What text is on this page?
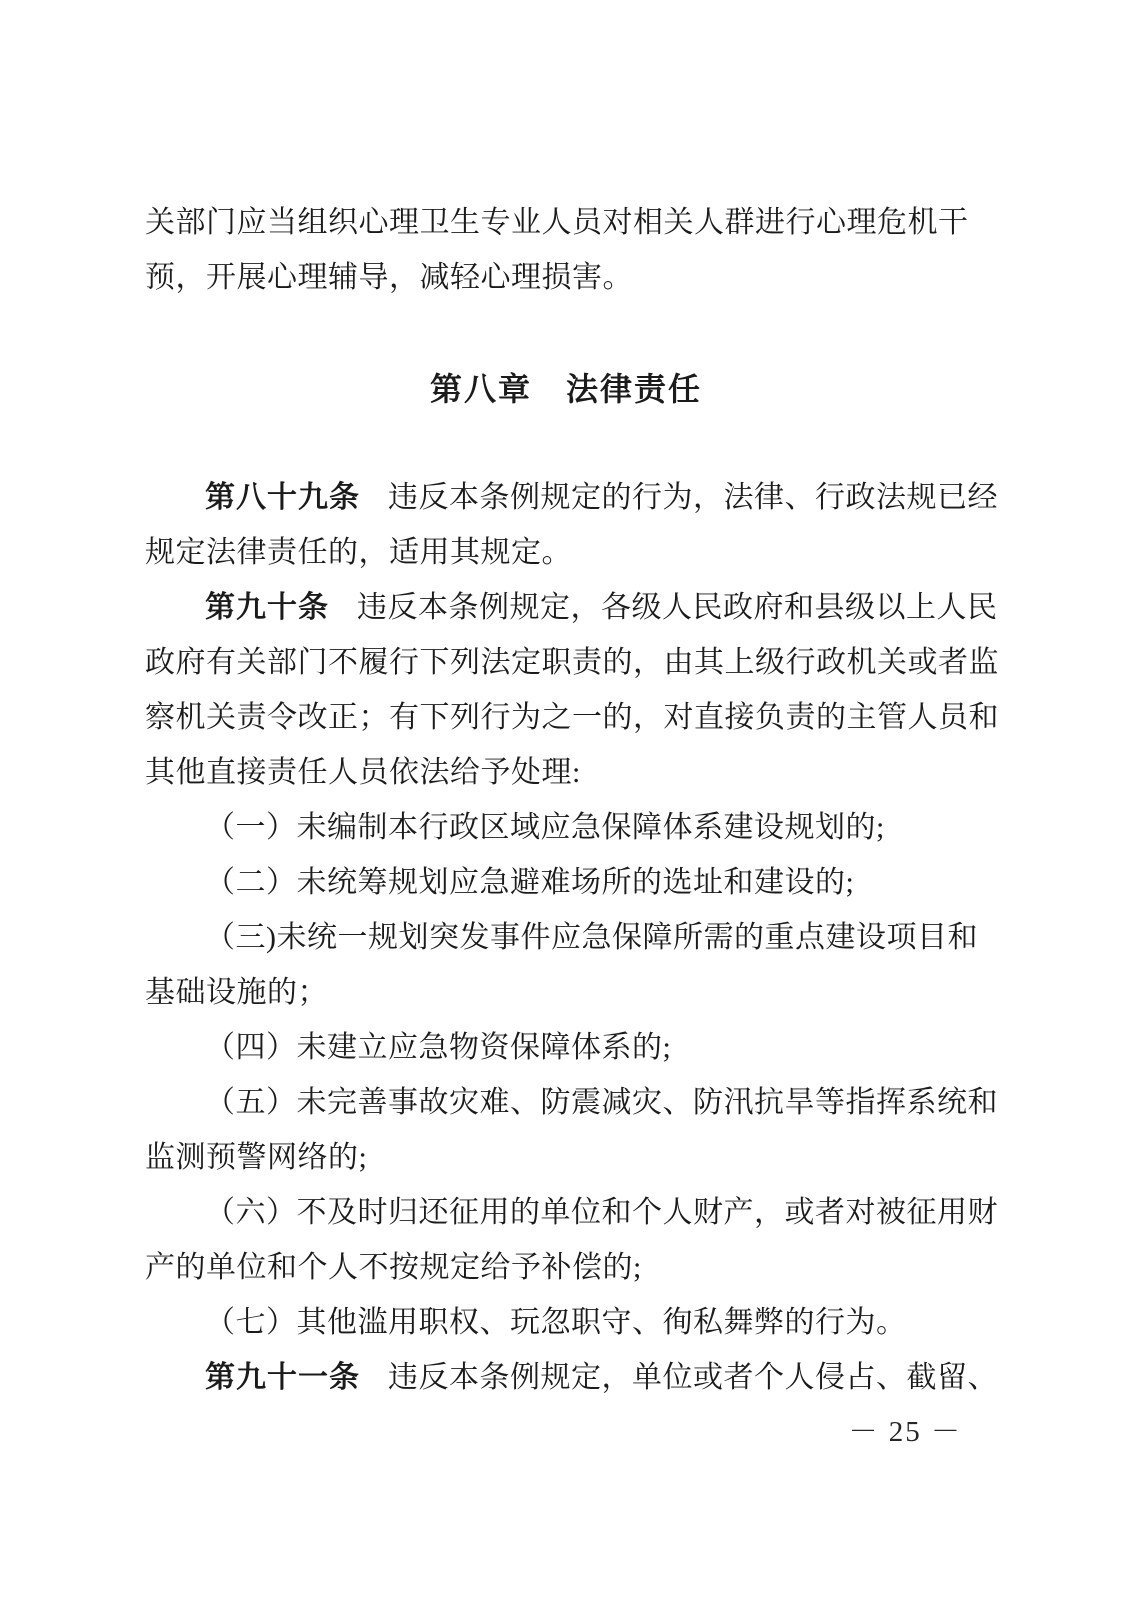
关部门应当组织心理卫生专业人员对相关人群进行心理危机干
预，开展心理辅导，减轻心理损害。
第八章　法律责任
第八十九条 违反本条例规定的行为，法律、行政法规已经
规定法律责任的，适用其规定。
第九十条 违反本条例规定，各级人民政府和县级以上人民
政府有关部门不履行下列法定职责的，由其上级行政机关或者监
察机关责令改正；有下列行为之一的，对直接负责的主管人员和
其他直接责任人员依法给予处理:
（一）未编制本行政区域应急保障体系建设规划的;
（二）未统筹规划应急避难场所的选址和建设的;
（三)未统一规划突发事件应急保障所需的重点建设项目和
基础设施的；
（四）未建立应急物资保障体系的;
（五）未完善事故灾难、防震减灾、防汛抗旱等指挥系统和
监测预警网络的;
（六）不及时归还征用的单位和个人财产，或者对被征用财
产的单位和个人不按规定给予补偿的;
（七）其他滥用职权、玩忽职守、徇私舞弊的行为。
第九十一条 违反本条例规定，单位或者个人侵占、截留、
－ 25 －
